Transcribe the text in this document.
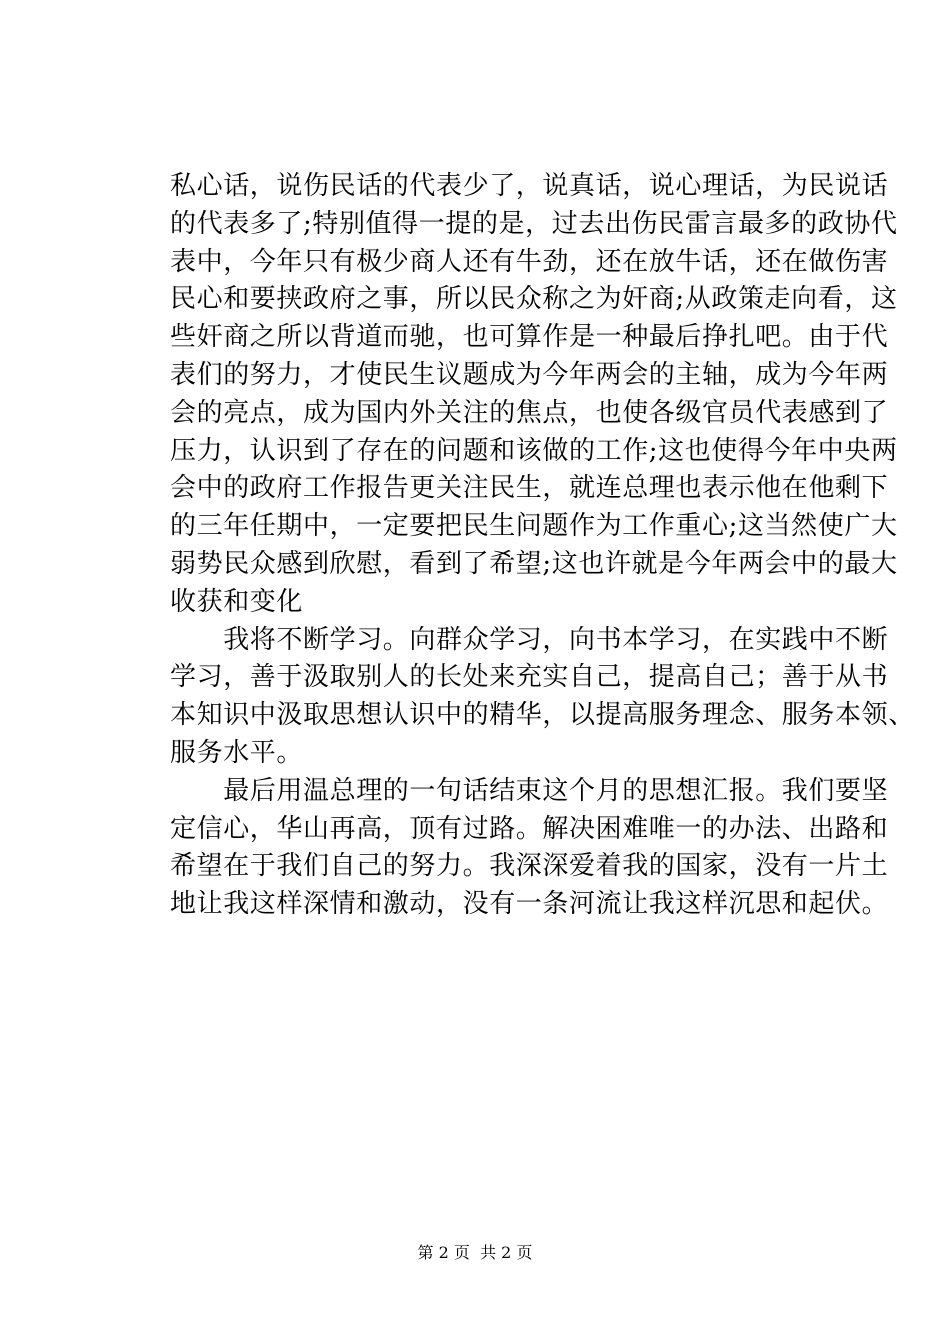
私心话，说伤民话的代表少了，说真话，说心理话，为民说话
的代表多了;特别值得一提的是，过去出伤民雷言最多的政协代
表中，今年只有极少商人还有牛劲，还在放牛话，还在做伤害
民心和要挟政府之事，所以民众称之为奸商;从政策走向看，这
些奸商之所以背道而驰，也可算作是一种最后挣扎吧。由于代
表们的努力，才使民生议题成为今年两会的主轴，成为今年两
会的亮点，成为国内外关注的焦点，也使各级官员代表感到了
压力，认识到了存在的问题和该做的工作;这也使得今年中央两
会中的政府工作报告更关注民生，就连总理也表示他在他剩下
的三年任期中，一定要把民生问题作为工作重心;这当然使广大
弱势民众感到欣慰，看到了希望;这也许就是今年两会中的最大
收获和变化
　　我将不断学习。向群众学习，向书本学习，在实践中不断
学习，善于汲取别人的长处来充实自己，提高自己；善于从书
本知识中汲取思想认识中的精华，以提高服务理念、服务本领、
服务水平。
　　最后用温总理的一句话结束这个月的思想汇报。我们要坚
定信心，华山再高，顶有过路。解决困难唯一的办法、出路和
希望在于我们自己的努力。我深深爱着我的国家，没有一片土
地让我这样深情和激动，没有一条河流让我这样沉思和起伏。
第 2 页  共 2 页
